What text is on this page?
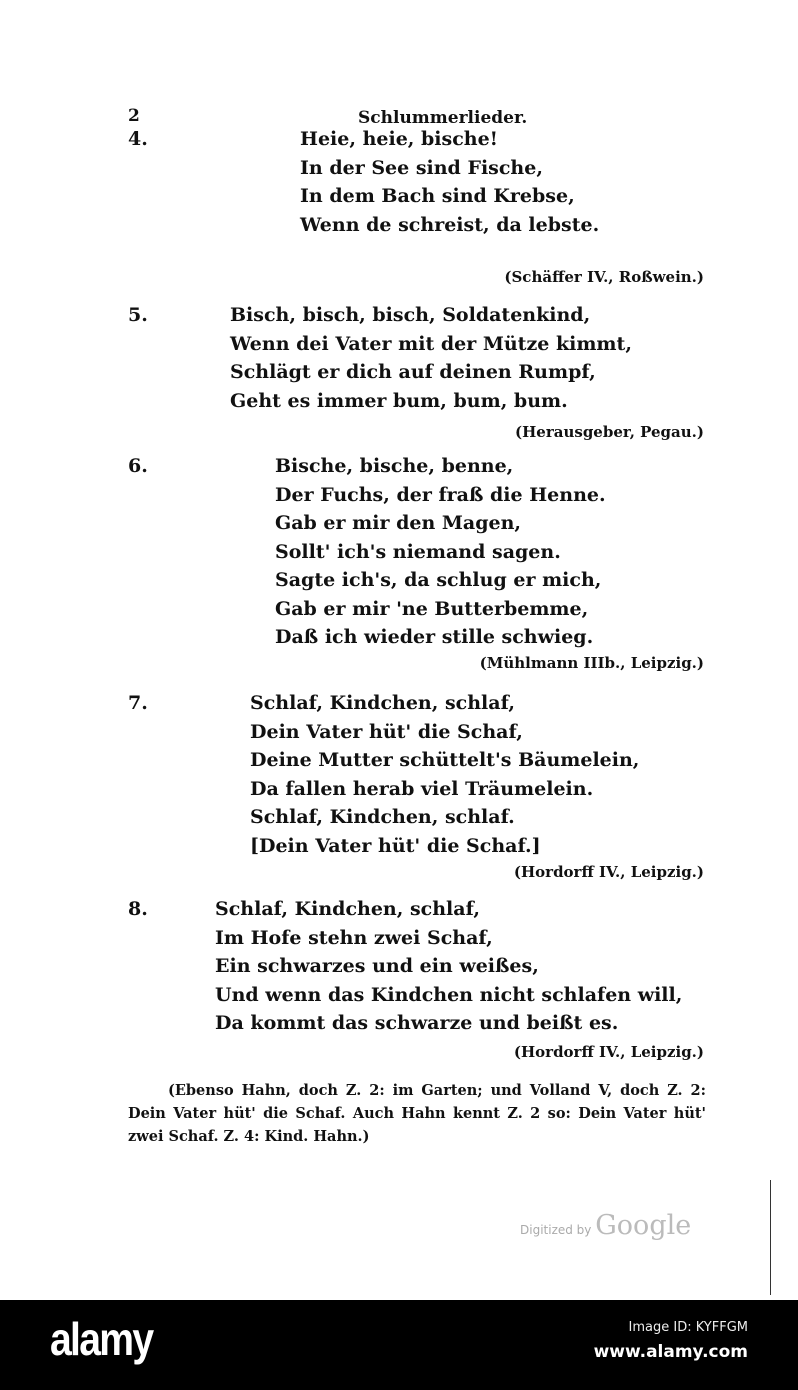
2	Schlummerlieder.
4.	Heie, heie, bische!
In der See sind Fische,
In dem Bach sind Krebse,
Wenn de schreist, da lebste.
(Schäffer IV., Roßwein.)
5.	Bisch, bisch, bisch, Soldatenkind,
Wenn dei Vater mit der Mütze kimmt,
Schlägt er dich auf deinen Rumpf,
Geht es immer bum, bum, bum.
(Herausgeber, Pegau.)
6.	Bische, bische, benne,
Der Fuchs, der fraß die Henne.
Gab er mir den Magen,
Sollt' ich's niemand sagen.
Sagte ich's, da schlug er mich,
Gab er mir 'ne Butterbemme,
Daß ich wieder stille schwieg.
(Mühlmann IIIb., Leipzig.)
7.	Schlaf, Kindchen, schlaf,
Dein Vater hüt' die Schaf,
Deine Mutter schüttelt's Bäumelein,
Da fallen herab viel Träumelein.
Schlaf, Kindchen, schlaf.
[Dein Vater hüt' die Schaf.]
(Hordorff IV., Leipzig.)
8.	Schlaf, Kindchen, schlaf,
Im Hofe stehn zwei Schaf,
Ein schwarzes und ein weißes,
Und wenn das Kindchen nicht schlafen will,
Da kommt das schwarze und beißt es.
(Hordorff IV., Leipzig.)
(Ebenso Hahn, doch Z. 2: im Garten; und Volland V, doch Z. 2: Dein Vater hüt' die Schaf. Auch Hahn kennt Z. 2 so: Dein Vater hüt' zwei Schaf. Z. 4: Kind. Hahn.)
Digitized by Google
alamy	Image ID: KYFFGM
www.alamy.com
